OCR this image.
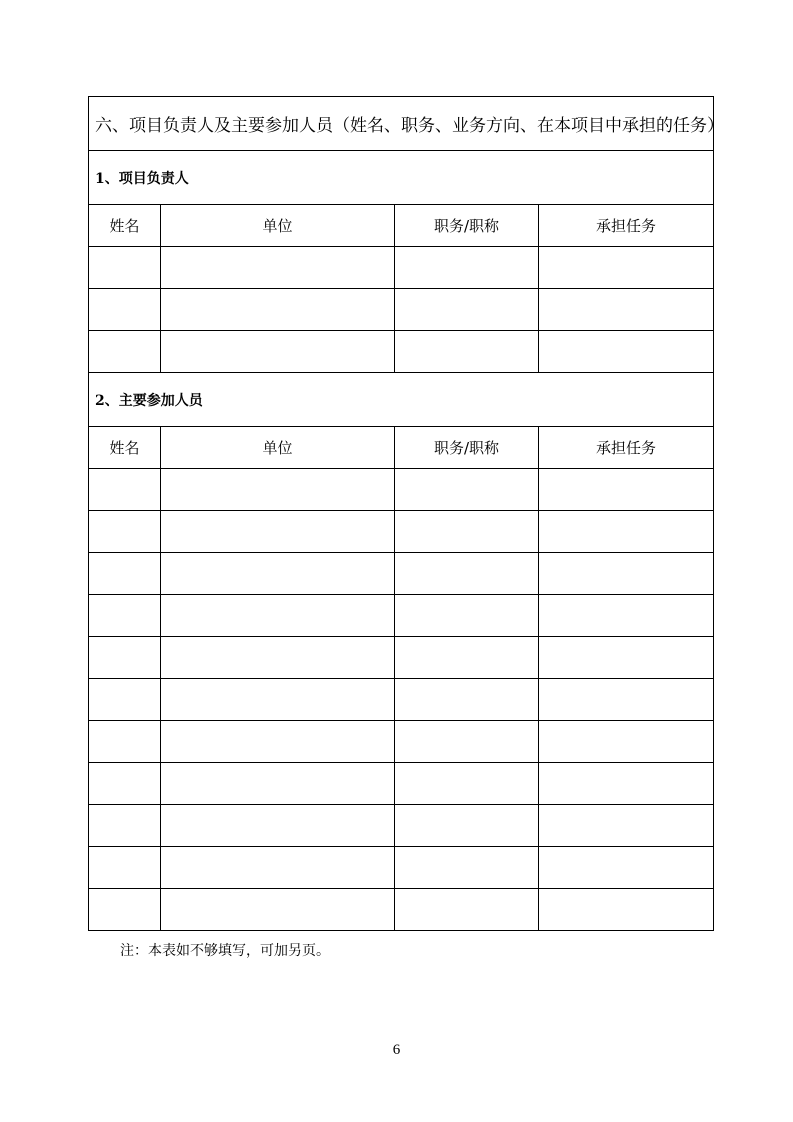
六、项目负责人及主要参加人员（姓名、职务、业务方向、在本项目中承担的任务）			
1、项目负责人			
姓名	单位	职务/职称	承担任务

2、主要参加人员			
姓名	单位	职务/职称	承担任务

注：本表如不够填写，可加另页。
6
